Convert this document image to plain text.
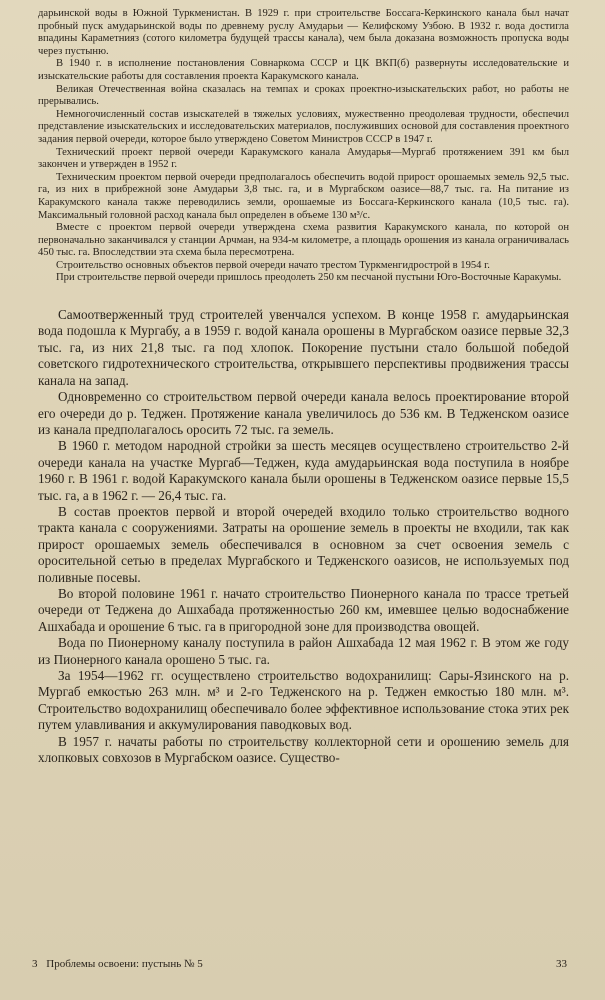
дарьинской воды в Южной Туркменистан. В 1929 г. при строительстве Боссага-Керкинского канала был начат пробный пуск амударьинской воды по древнему руслу Амударьи — Келифскому Узбою. В 1932 г. вода достигла впадины Караметнияз (сотого километра будущей трассы канала), чем была доказана возможность пропуска воды через пустыню.

В 1940 г. в исполнение постановления Совнаркома СССР и ЦК ВКП(б) развернуты исследовательские и изыскательские работы для составления проекта Каракумского канала.

Великая Отечественная война сказалась на темпах и сроках проектно-изыскательских работ, но работы не прерывались.

Немногочисленный состав изыскателей в тяжелых условиях, мужественно преодолевая трудности, обеспечил представление изыскательских и исследовательских материалов, послуживших основой для составления проектного задания первой очереди, которое было утверждено Советом Министров СССР в 1947 г.

Технический проект первой очереди Каракумского канала Амударья—Мургаб протяжением 391 км был закончен и утвержден в 1952 г.

Техническим проектом первой очереди предполагалось обеспечить водой прирост орошаемых земель 92,5 тыс. га, из них в прибрежной зоне Амударьи 3,8 тыс. га, и в Мургабском оазисе—88,7 тыс. га. На питание из Каракумского канала также переводились земли, орошаемые из Боссага-Керкинского канала (10,5 тыс. га). Максимальный головной расход канала был определен в объеме 130 м³/с.

Вместе с проектом первой очереди утверждена схема развития Каракумского канала, по которой он первоначально заканчивался у станции Арчман, на 934-м километре, а площадь орошения из канала ограничивалась 450 тыс. га. Впоследствии эта схема была пересмотрена.

Строительство основных объектов первой очереди начато трестом Туркменгидрострой в 1954 г.

При строительстве первой очереди пришлось преодолеть 250 км песчаной пустыни Юго-Восточные Каракумы.

Самоотверженный труд строителей увенчался успехом. В конце 1958 г. амударьинская вода подошла к Мургабу, а в 1959 г. водой канала орошены в Мургабском оазисе первые 32,3 тыс. га, из них 21,8 тыс. га под хлопок. Покорение пустыни стало большой победой советского гидротехнического строительства, открывшего перспективы продвижения трассы канала на запад.

Одновременно со строительством первой очереди канала велось проектирование второй его очереди до р. Теджен. Протяжение канала увеличилось до 536 км. В Тедженском оазисе из канала предполагалось оросить 72 тыс. га земель.

В 1960 г. методом народной стройки за шесть месяцев осуществлено строительство 2-й очереди канала на участке Мургаб—Теджен, куда амударьинская вода поступила в ноябре 1960 г. В 1961 г. водой Каракумского канала были орошены в Тедженском оазисе первые 15,5 тыс. га, а в 1962 г. — 26,4 тыс. га.

В состав проектов первой и второй очередей входило только строительство водного тракта канала с сооружениями. Затраты на орошение земель в проекты не входили, так как прирост орошаемых земель обеспечивался в основном за счет освоения земель с оросительной сетью в пределах Мургабского и Тедженского оазисов, не используемых под поливные посевы.

Во второй половине 1961 г. начато строительство Пионерного канала по трассе третьей очереди от Теджена до Ашхабада протяженностью 260 км, имевшее целью водоснабжение Ашхабада и орошение 6 тыс. га в пригородной зоне для производства овощей.

Вода по Пионерному каналу поступила в район Ашхабада 12 мая 1962 г. В этом же году из Пионерного канала орошено 5 тыс. га.

За 1954—1962 гг. осуществлено строительство водохранилищ: Сары-Язинского на р. Мургаб емкостью 263 млн. м³ и 2-го Тедженского на р. Теджен емкостью 180 млн. м³. Строительство водохранилищ обеспечивало более эффективное использование стока этих рек путем улавливания и аккумулирования паводковых вод.

В 1957 г. начаты работы по строительству коллекторной сети и орошению земель для хлопковых совхозов в Мургабском оазисе. Существо-

3 Проблемы освоени: пустынь № 5	33
